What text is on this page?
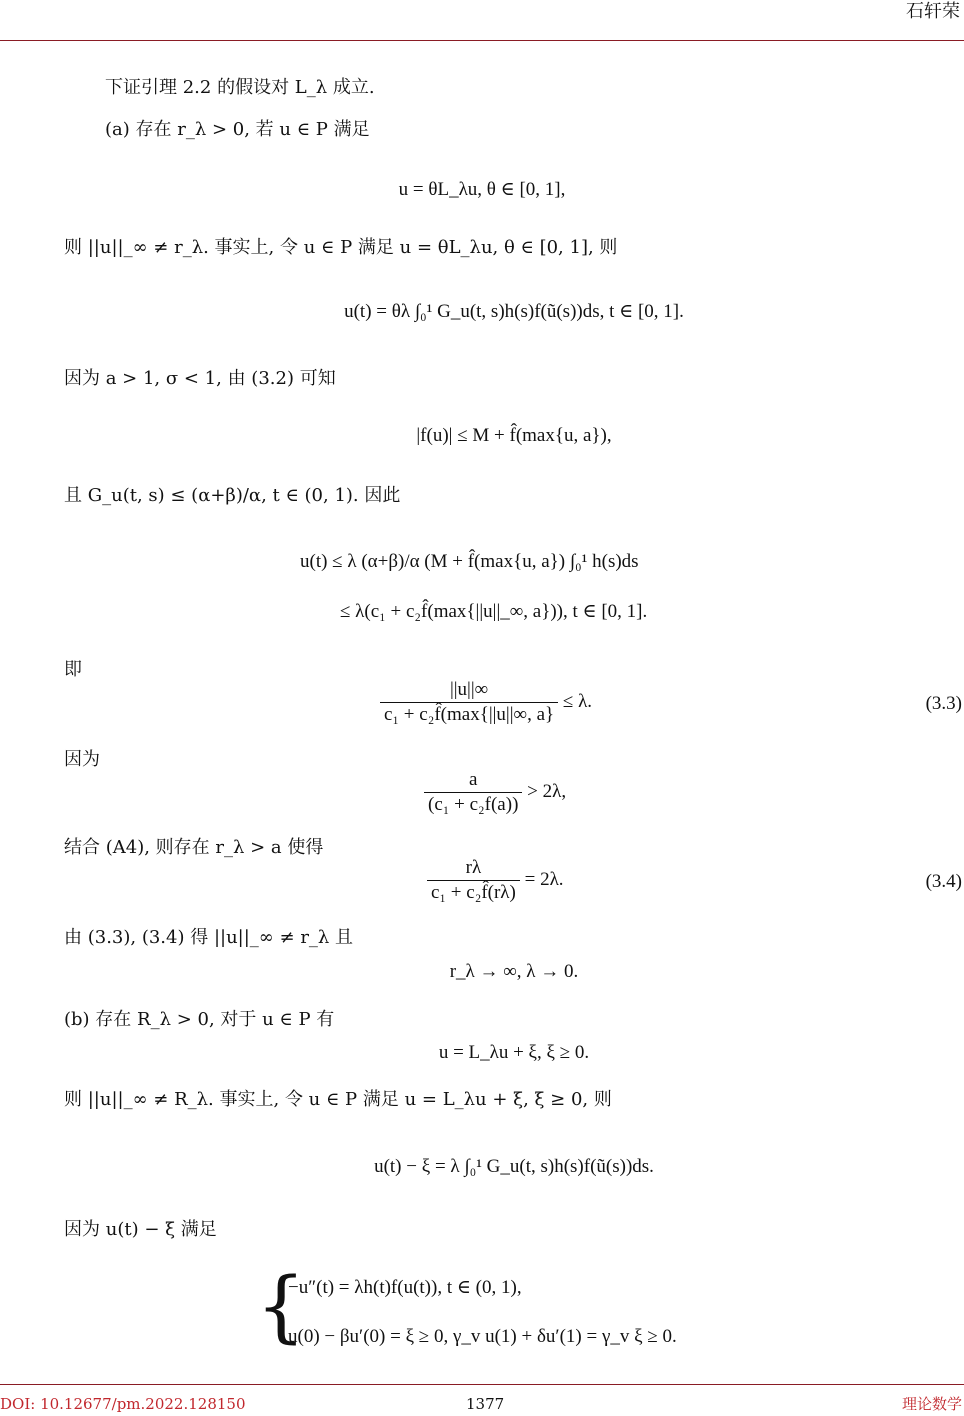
石轩荣
下证引理 2.2 的假设对 L_λ 成立.
(a) 存在 r_λ > 0, 若 u ∈ P 满足
u = θL_λu, θ ∈ [0, 1],
则 ||u||_∞ ≠ r_λ. 事实上, 令 u ∈ P 满足 u = θL_λu, θ ∈ [0, 1], 则
u(t) = θλ ∫₀¹ G_u(t, s)h(s)f(ũ(s))ds, t ∈ [0, 1].
因为 a > 1, σ < 1, 由 (3.2) 可知
|f(u)| ≤ M + f̂(max{u, a}),
且 G_u(t, s) ≤ (α+β)/α, t ∈ (0, 1). 因此
u(t) ≤ λ (α+β)/α (M + f̂(max{u, a}) ∫₀¹ h(s)ds
≤ λ(c₁ + c₂f̂(max{||u||_∞, a})), t ∈ [0, 1].
即
$\frac{||u||\infty}{\text{c₁ + c₂f̂(max\{||u||∞, a\}}} \le \lambda$.	(3.3)
因为
$\frac{a}{\text{(c₁ + c₂f(a))}} > 2\lambda$,
结合 (A4), 则存在 r_λ > a 使得
$\frac{r\lambda}{\text{c₁ + c₂f̂(rλ)}} = 2\lambda$.	(3.4)
由 (3.3), (3.4) 得 ||u||_∞ ≠ r_λ 且
r_λ → ∞, λ → 0.
(b) 存在 R_λ > 0, 对于 u ∈ P 有
u = L_λu + ξ, ξ ≥ 0.
则 ||u||_∞ ≠ R_λ. 事实上, 令 u ∈ P 满足 u = L_λu + ξ, ξ ≥ 0, 则
u(t) − ξ = λ ∫₀¹ G_u(t, s)h(s)f(ũ(s))ds.
因为 u(t) − ξ 满足
{
−u″(t) = λh(t)f(u(t)), t ∈ (0, 1),
u(0) − βu′(0) = ξ ≥ 0, γ_v u(1) + δu′(1) = γ_v ξ ≥ 0.
DOI: 10.12677/pm.2022.128150	1377	理论数学
